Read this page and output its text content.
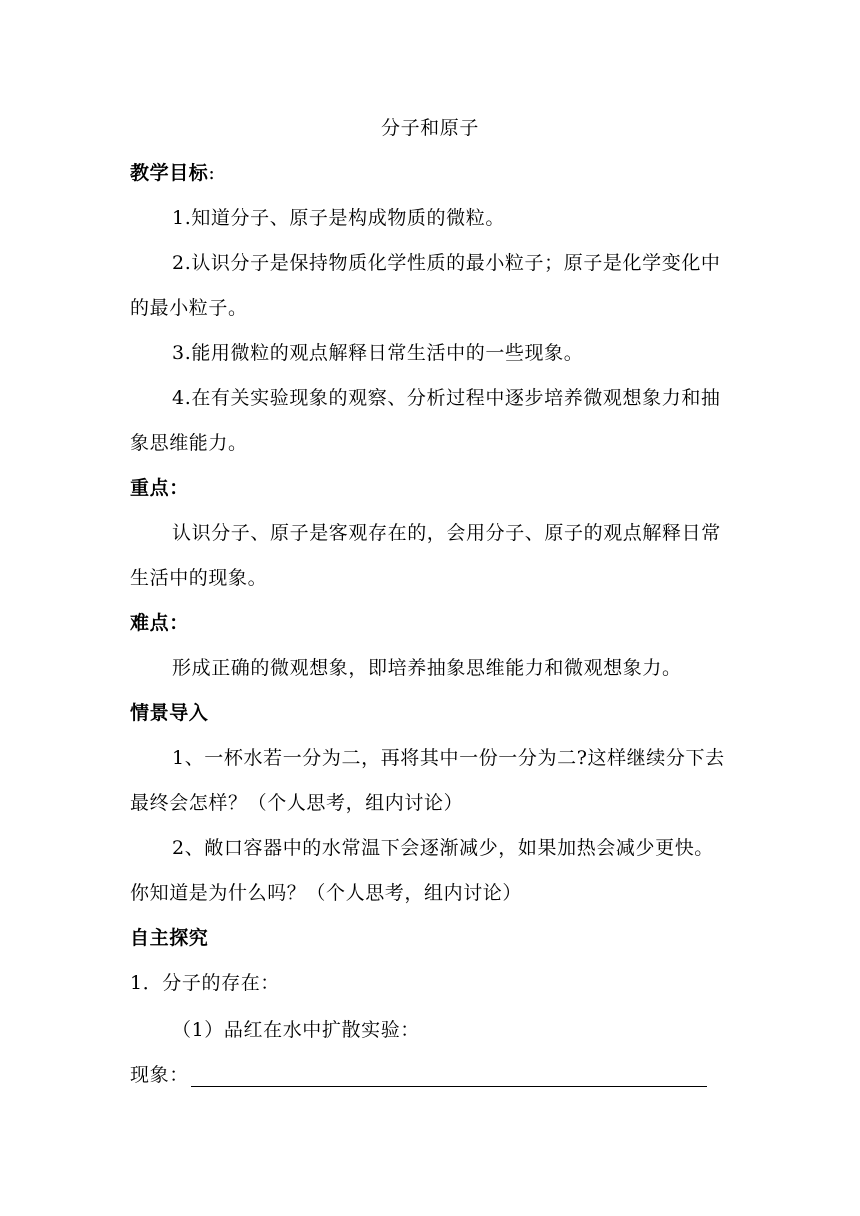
分子和原子
教学目标:
1.知道分子、原子是构成物质的微粒。
2.认识分子是保持物质化学性质的最小粒子；原子是化学变化中
的最小粒子。
3.能用微粒的观点解释日常生活中的一些现象。
4.在有关实验现象的观察、分析过程中逐步培养微观想象力和抽
象思维能力。
重点：
认识分子、原子是客观存在的，会用分子、原子的观点解释日常
生活中的现象。
难点：
形成正确的微观想象，即培养抽象思维能力和微观想象力。
情景导入
1、一杯水若一分为二，再将其中一份一分为二?这样继续分下去
最终会怎样？（个人思考，组内讨论）
2、敞口容器中的水常温下会逐渐减少，如果加热会减少更快。
你知道是为什么吗？（个人思考，组内讨论）
自主探究
1．分子的存在：
（1）品红在水中扩散实验：
现象：
